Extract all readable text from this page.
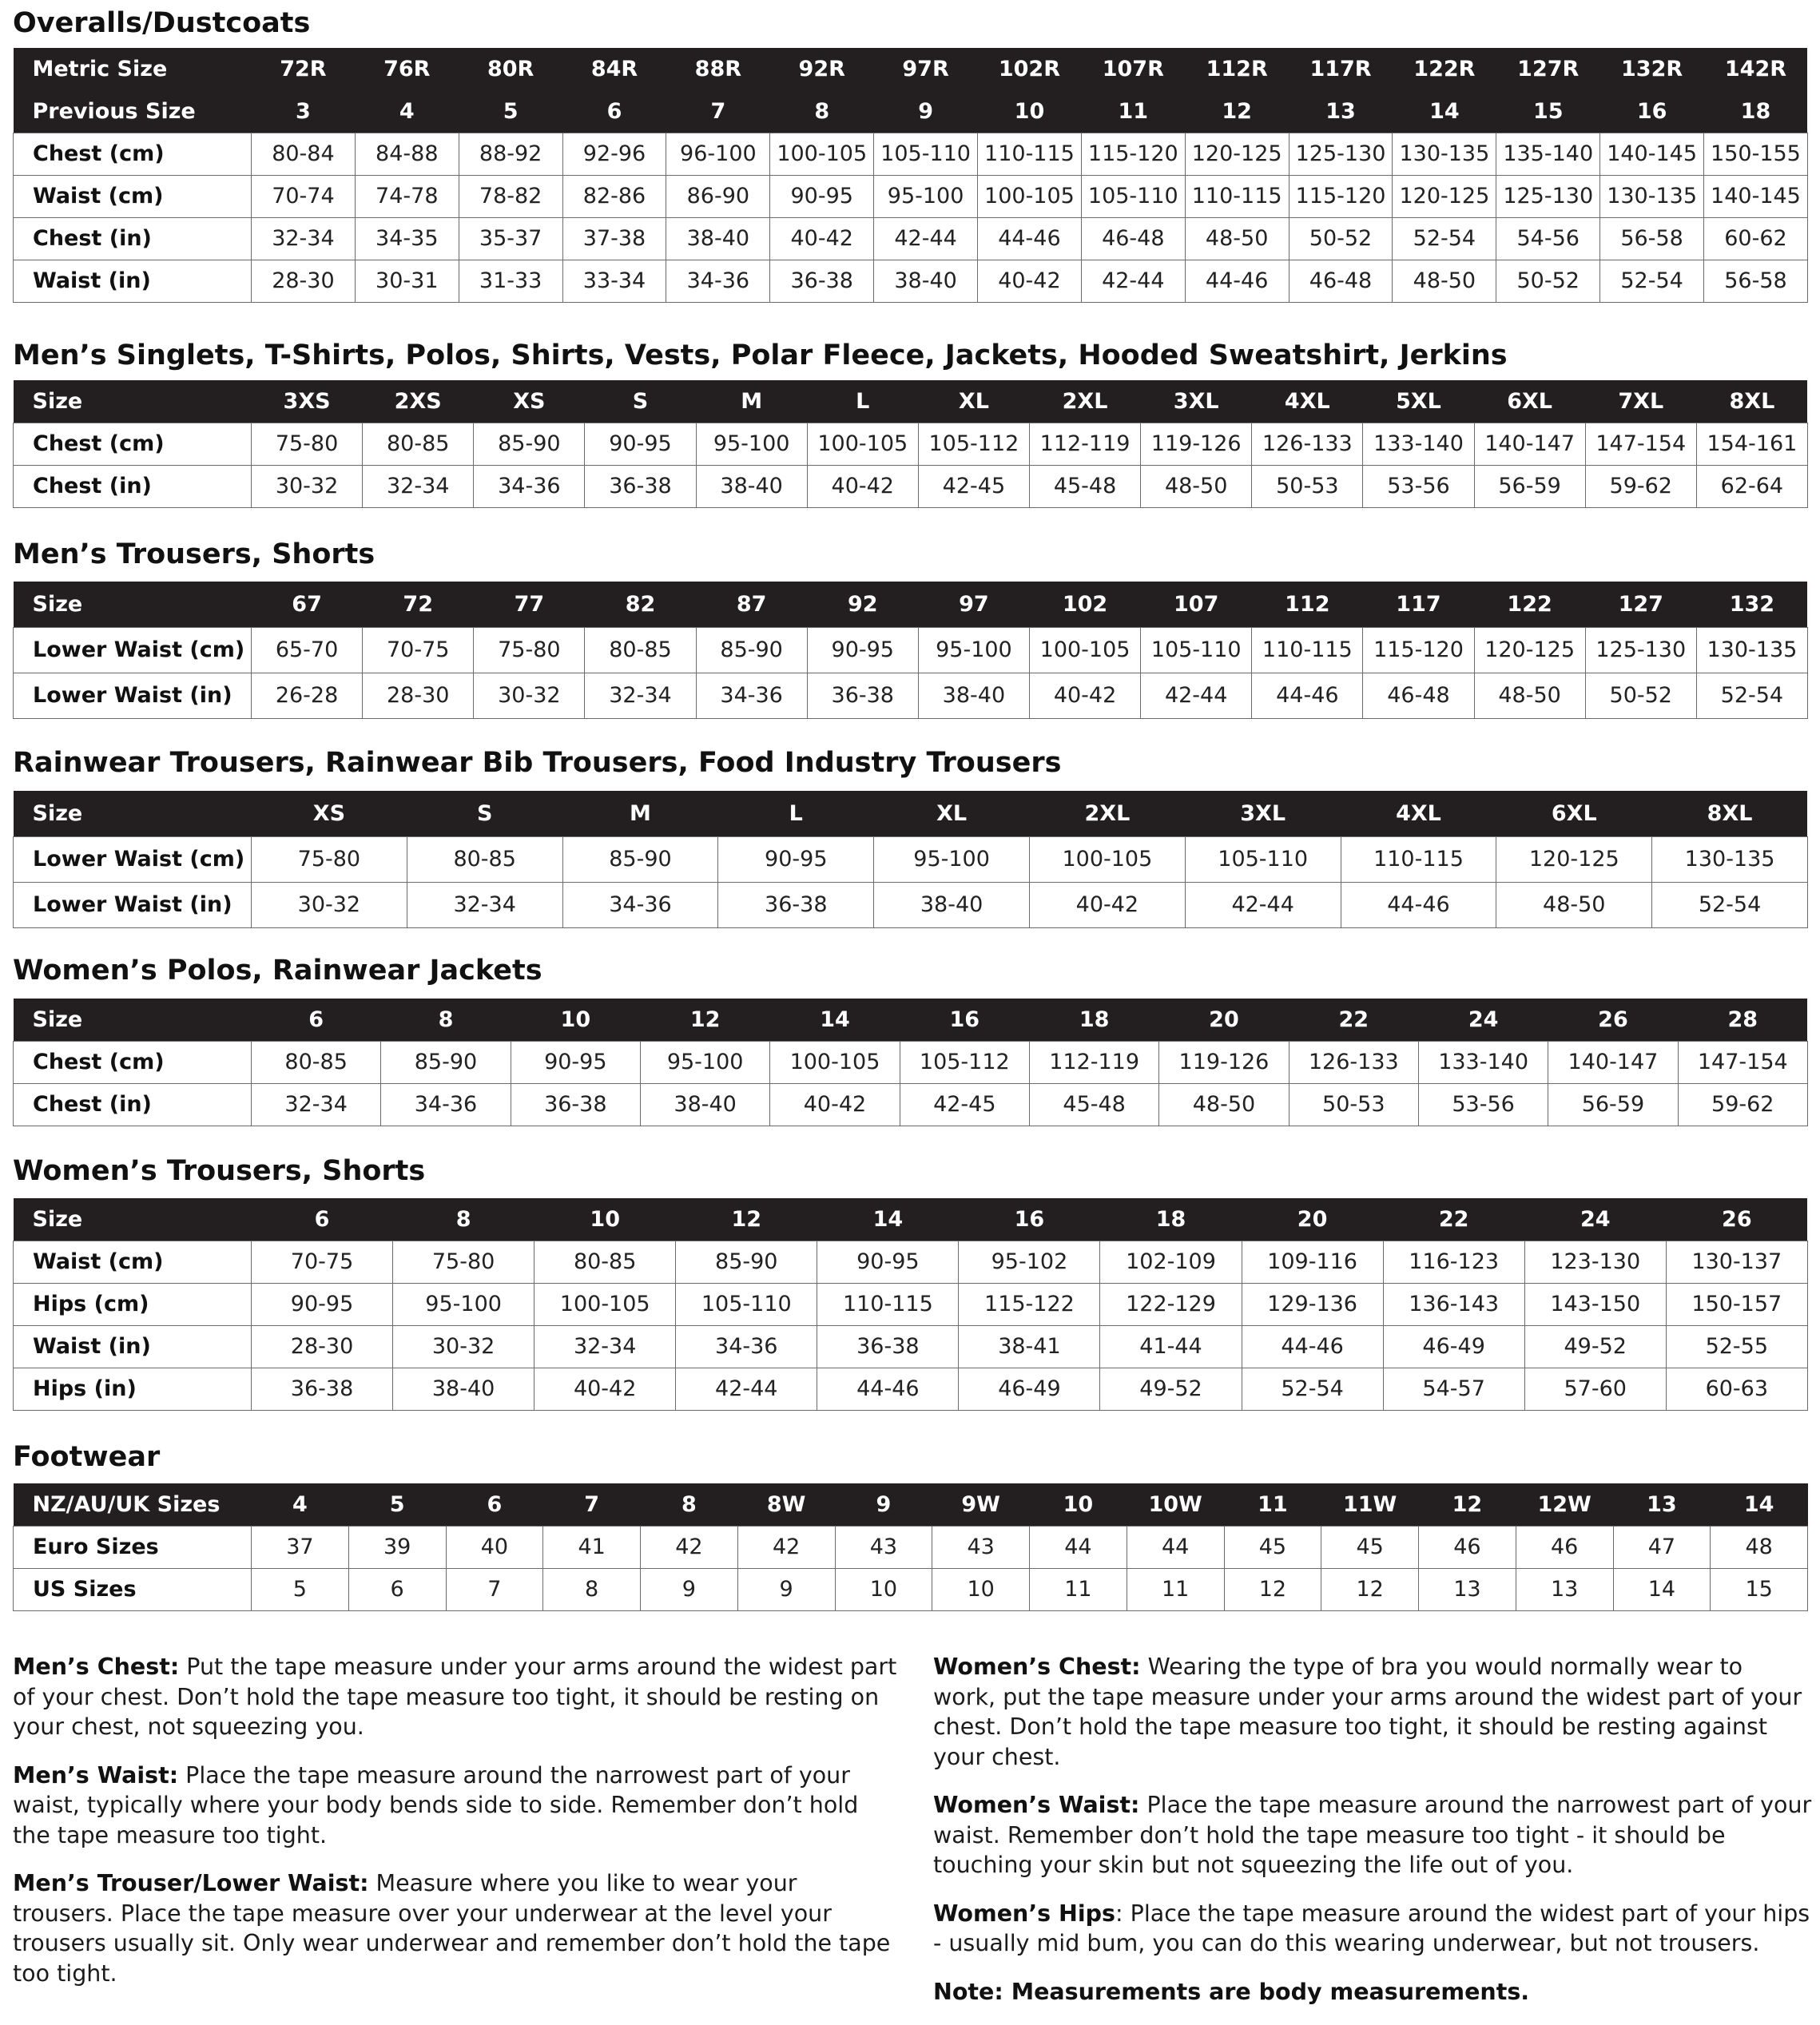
Overalls/Dustcoats
Metric Size	72R	76R	80R	84R	88R	92R	97R	102R	107R	112R	117R	122R	127R	132R	142R
Previous Size	3	4	5	6	7	8	9	10	11	12	13	14	15	16	18
Chest (cm)	80-84	84-88	88-92	92-96	96-100	100-105	105-110	110-115	115-120	120-125	125-130	130-135	135-140	140-145	150-155
Waist (cm)	70-74	74-78	78-82	82-86	86-90	90-95	95-100	100-105	105-110	110-115	115-120	120-125	125-130	130-135	140-145
Chest (in)	32-34	34-35	35-37	37-38	38-40	40-42	42-44	44-46	46-48	48-50	50-52	52-54	54-56	56-58	60-62
Waist (in)	28-30	30-31	31-33	33-34	34-36	36-38	38-40	40-42	42-44	44-46	46-48	48-50	50-52	52-54	56-58
Men’s Singlets, T-Shirts, Polos, Shirts, Vests, Polar Fleece, Jackets, Hooded Sweatshirt, Jerkins
Size	3XS	2XS	XS	S	M	L	XL	2XL	3XL	4XL	5XL	6XL	7XL	8XL
Chest (cm)	75-80	80-85	85-90	90-95	95-100	100-105	105-112	112-119	119-126	126-133	133-140	140-147	147-154	154-161
Chest (in)	30-32	32-34	34-36	36-38	38-40	40-42	42-45	45-48	48-50	50-53	53-56	56-59	59-62	62-64
Men’s Trousers, Shorts
Size	67	72	77	82	87	92	97	102	107	112	117	122	127	132
Lower Waist (cm)	65-70	70-75	75-80	80-85	85-90	90-95	95-100	100-105	105-110	110-115	115-120	120-125	125-130	130-135
Lower Waist (in)	26-28	28-30	30-32	32-34	34-36	36-38	38-40	40-42	42-44	44-46	46-48	48-50	50-52	52-54
Rainwear Trousers, Rainwear Bib Trousers, Food Industry Trousers
Size	XS	S	M	L	XL	2XL	3XL	4XL	6XL	8XL
Lower Waist (cm)	75-80	80-85	85-90	90-95	95-100	100-105	105-110	110-115	120-125	130-135
Lower Waist (in)	30-32	32-34	34-36	36-38	38-40	40-42	42-44	44-46	48-50	52-54
Women’s Polos, Rainwear Jackets
Size	6	8	10	12	14	16	18	20	22	24	26	28
Chest (cm)	80-85	85-90	90-95	95-100	100-105	105-112	112-119	119-126	126-133	133-140	140-147	147-154
Chest (in)	32-34	34-36	36-38	38-40	40-42	42-45	45-48	48-50	50-53	53-56	56-59	59-62
Women’s Trousers, Shorts
Size	6	8	10	12	14	16	18	20	22	24	26
Waist (cm)	70-75	75-80	80-85	85-90	90-95	95-102	102-109	109-116	116-123	123-130	130-137
Hips (cm)	90-95	95-100	100-105	105-110	110-115	115-122	122-129	129-136	136-143	143-150	150-157
Waist (in)	28-30	30-32	32-34	34-36	36-38	38-41	41-44	44-46	46-49	49-52	52-55
Hips (in)	36-38	38-40	40-42	42-44	44-46	46-49	49-52	52-54	54-57	57-60	60-63
Footwear
NZ/AU/UK Sizes	4	5	6	7	8	8W	9	9W	10	10W	11	11W	12	12W	13	14
Euro Sizes	37	39	40	41	42	42	43	43	44	44	45	45	46	46	47	48
US Sizes	5	6	7	8	9	9	10	10	11	11	12	12	13	13	14	15

Men’s Chest: Put the tape measure under your arms around the widest part of your chest. Don’t hold the tape measure too tight, it should be resting on your chest, not squeezing you.

Men’s Waist: Place the tape measure around the narrowest part of your waist, typically where your body bends side to side. Remember don’t hold the tape measure too tight.

Men’s Trouser/Lower Waist: Measure where you like to wear your trousers. Place the tape measure over your underwear at the level your trousers usually sit. Only wear underwear and remember don’t hold the tape too tight.

Women’s Chest: Wearing the type of bra you would normally wear to work, put the tape measure under your arms around the widest part of your chest. Don’t hold the tape measure too tight, it should be resting against your chest.

Women’s Waist: Place the tape measure around the narrowest part of your waist. Remember don’t hold the tape measure too tight - it should be touching your skin but not squeezing the life out of you.

Women’s Hips: Place the tape measure around the widest part of your hips - usually mid bum, you can do this wearing underwear, but not trousers.

Note: Measurements are body measurements.
